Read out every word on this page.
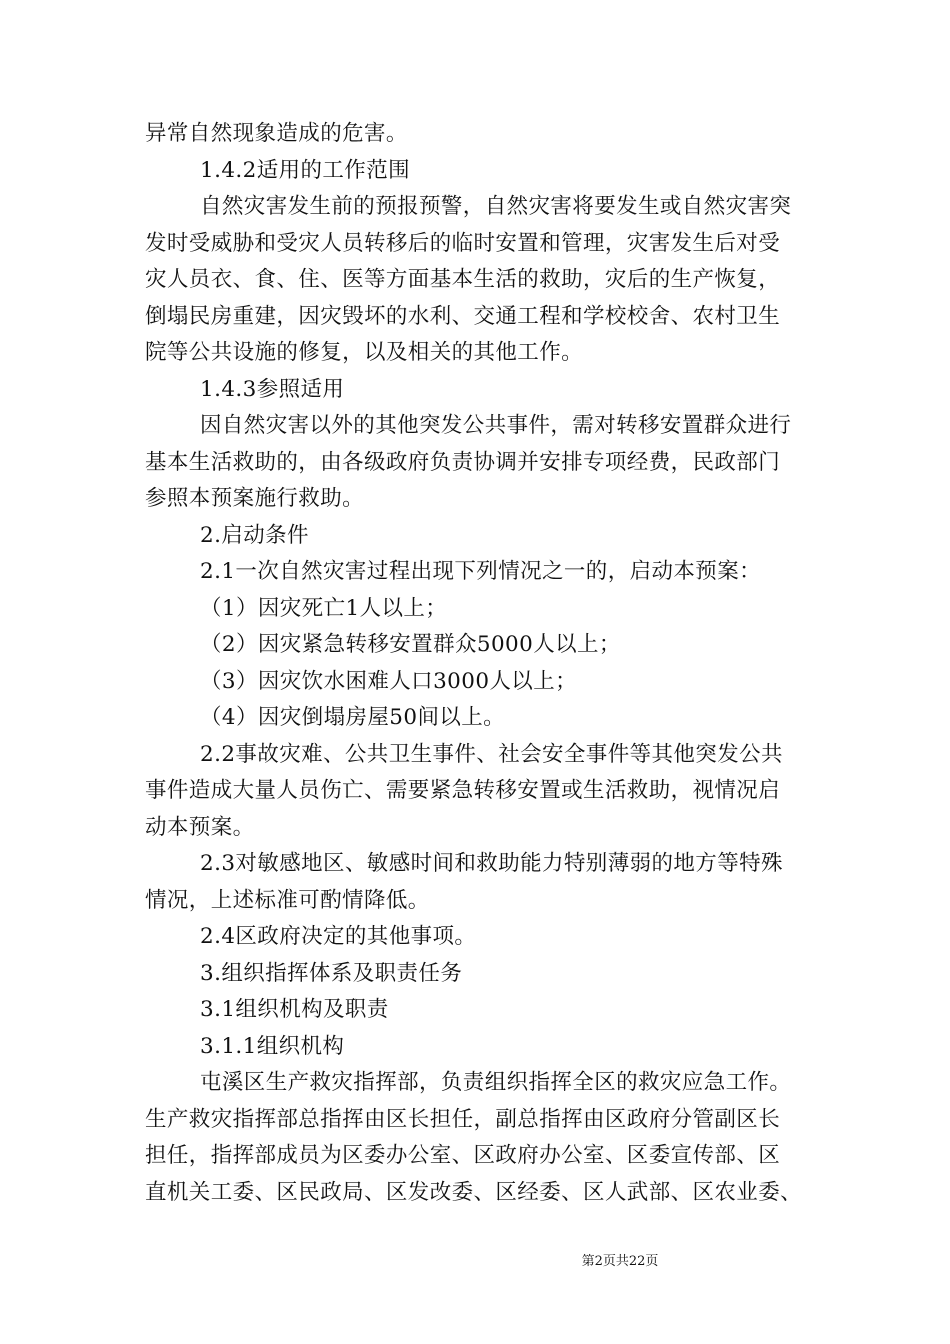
异常自然现象造成的危害。

1.4.2适用的工作范围

自然灾害发生前的预报预警，自然灾害将要发生或自然灾害突

发时受威胁和受灾人员转移后的临时安置和管理，灾害发生后对受

灾人员衣、食、住、医等方面基本生活的救助，灾后的生产恢复，

倒塌民房重建，因灾毁坏的水利、交通工程和学校校舍、农村卫生

院等公共设施的修复，以及相关的其他工作。

1.4.3参照适用

因自然灾害以外的其他突发公共事件，需对转移安置群众进行

基本生活救助的，由各级政府负责协调并安排专项经费，民政部门

参照本预案施行救助。

2.启动条件

2.1一次自然灾害过程出现下列情况之一的，启动本预案：

（1）因灾死亡1人以上；

（2）因灾紧急转移安置群众5000人以上；

（3）因灾饮水困难人口3000人以上；

（4）因灾倒塌房屋50间以上。

2.2事故灾难、公共卫生事件、社会安全事件等其他突发公共

事件造成大量人员伤亡、需要紧急转移安置或生活救助，视情况启

动本预案。

2.3对敏感地区、敏感时间和救助能力特别薄弱的地方等特殊

情况，上述标准可酌情降低。

2.4区政府决定的其他事项。

3.组织指挥体系及职责任务

3.1组织机构及职责

3.1.1组织机构

屯溪区生产救灾指挥部，负责组织指挥全区的救灾应急工作。

生产救灾指挥部总指挥由区长担任，副总指挥由区政府分管副区长

担任，指挥部成员为区委办公室、区政府办公室、区委宣传部、区

直机关工委、区民政局、区发改委、区经委、区人武部、区农业委、

第2页共22页
